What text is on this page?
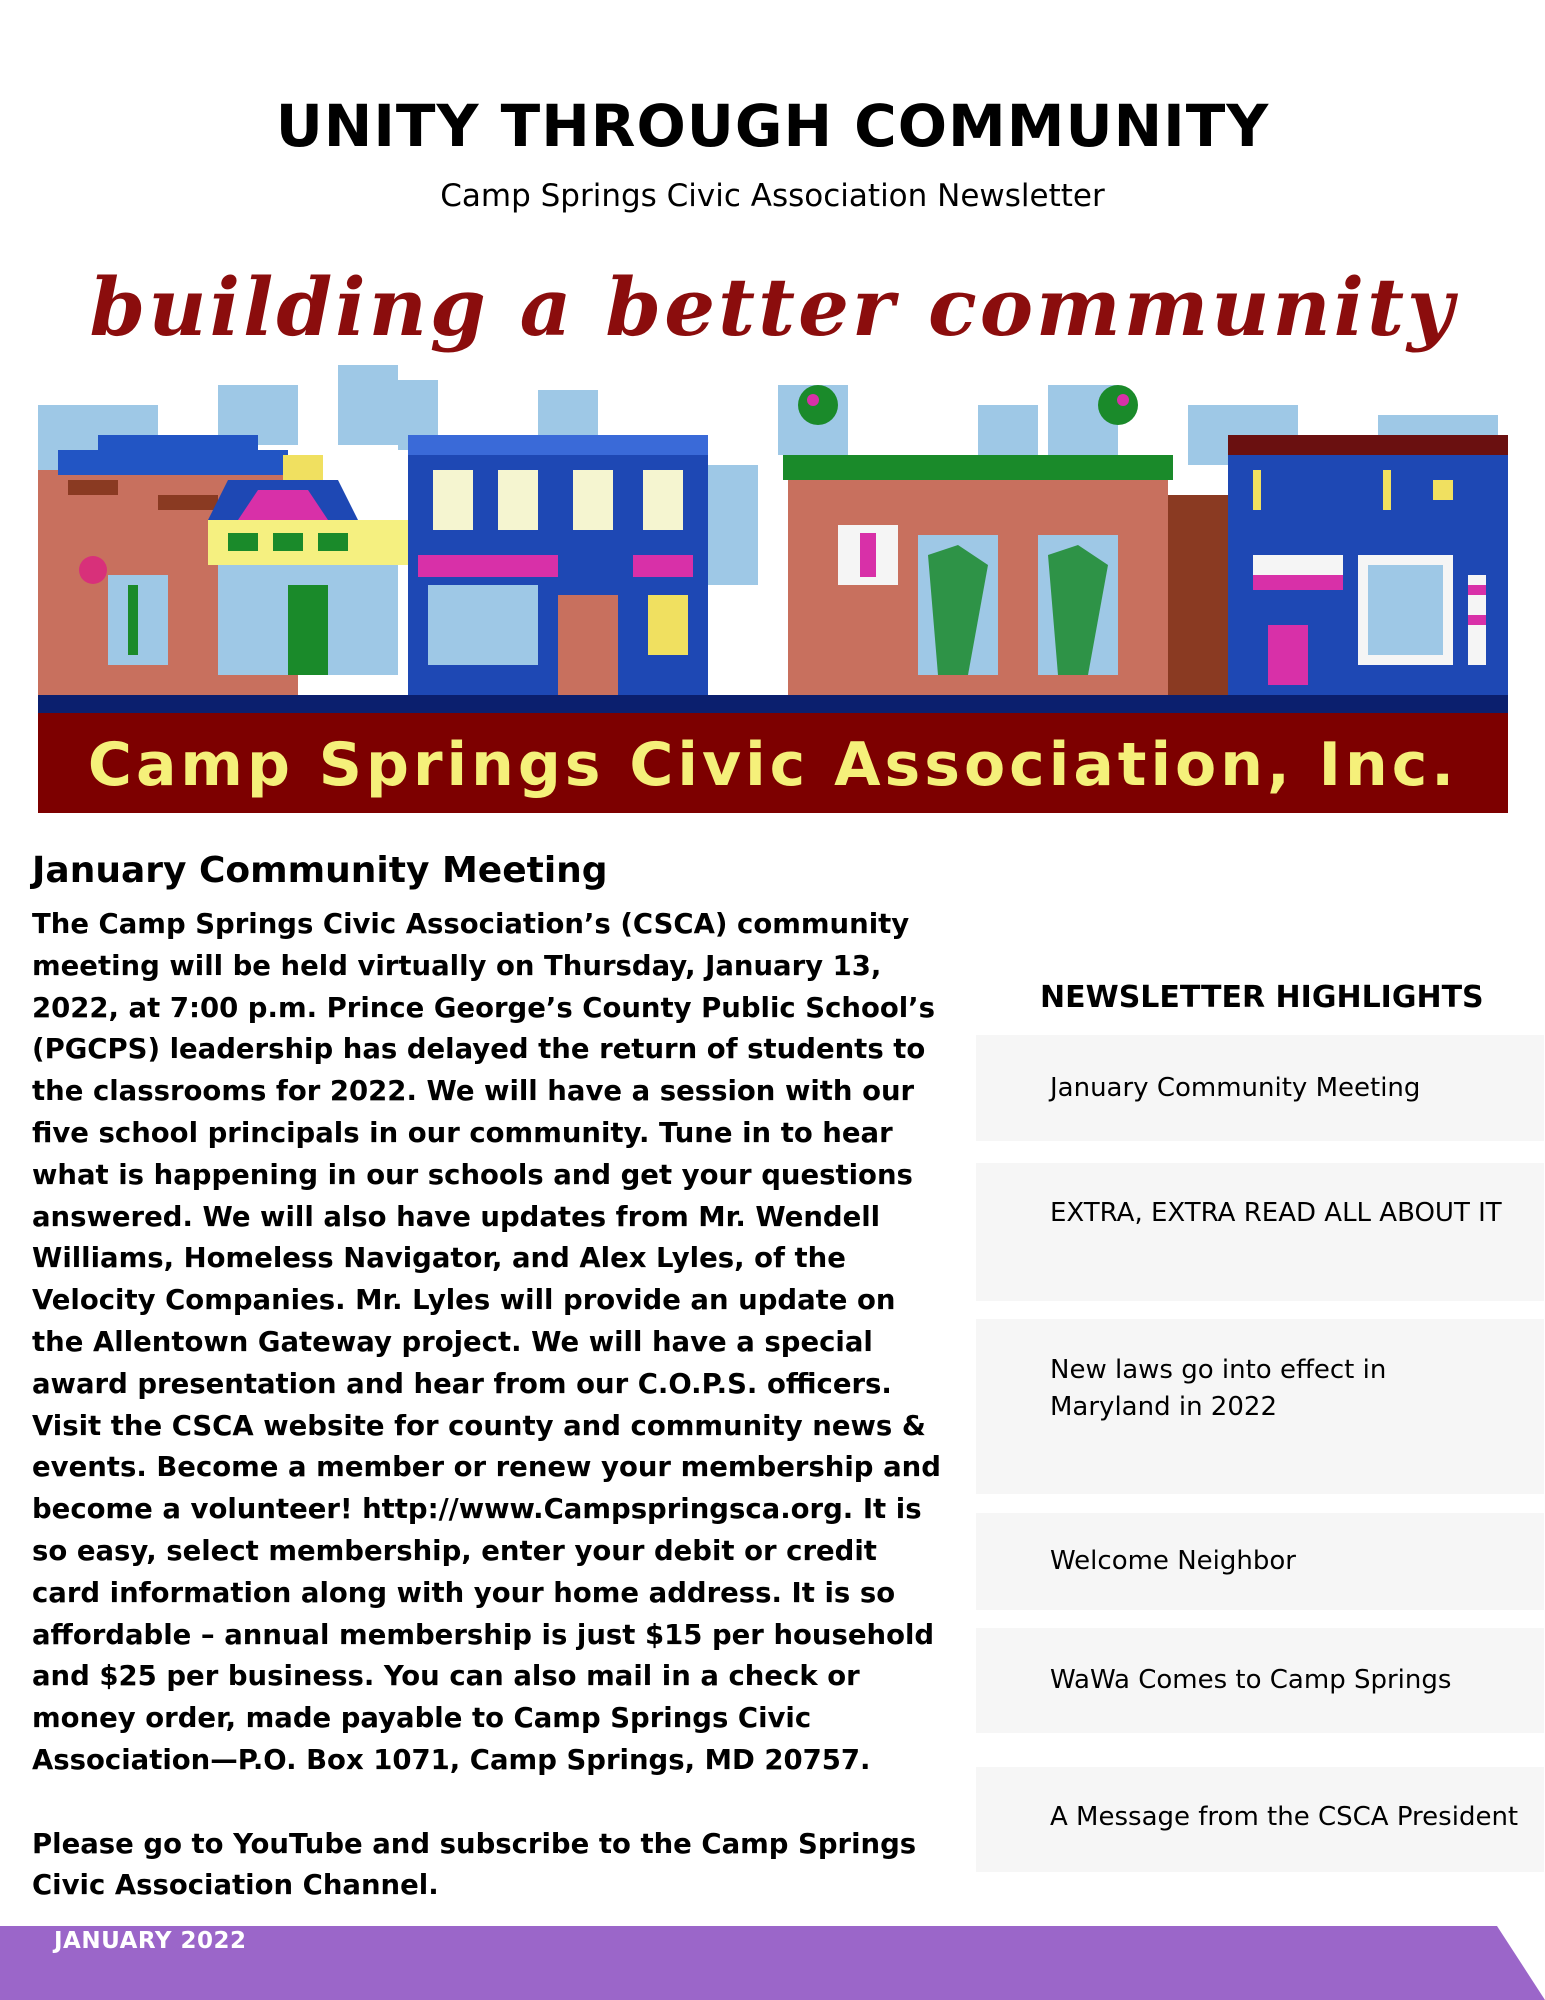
UNITY THROUGH COMMUNITY
Camp Springs Civic Association Newsletter
building a better community
Camp Springs Civic Association, Inc.
January Community Meeting

The Camp Springs Civic Association’s (CSCA) community meeting will be held virtually on Thursday, January 13, 2022, at 7:00 p.m. Prince George’s County Public School’s (PGCPS) leadership has delayed the return of students to the classrooms for 2022. We will have a session with our five school principals in our community. Tune in to hear what is happening in our schools and get your questions answered. We will also have updates from Mr. Wendell Williams, Homeless Navigator, and Alex Lyles, of the Velocity Companies. Mr. Lyles will provide an update on the Allentown Gateway project. We will have a special award presentation and hear from our C.O.P.S. officers.

Visit the CSCA website for county and community news & events. Become a member or renew your membership and become a volunteer! http://www.Campspringsca.org. It is so easy, select membership, enter your debit or credit card information along with your home address. It is so affordable – annual membership is just $15 per household and $25 per business. You can also mail in a check or money order, made payable to Camp Springs Civic Association—P.O. Box 1071, Camp Springs, MD 20757.

Please go to YouTube and subscribe to the Camp Springs Civic Association Channel.

NEWSLETTER HIGHLIGHTS
January Community Meeting
EXTRA, EXTRA READ ALL ABOUT IT
New laws go into effect in Maryland in 2022
Welcome Neighbor
WaWa Comes to Camp Springs
A Message from the CSCA President
JANUARY 2022
